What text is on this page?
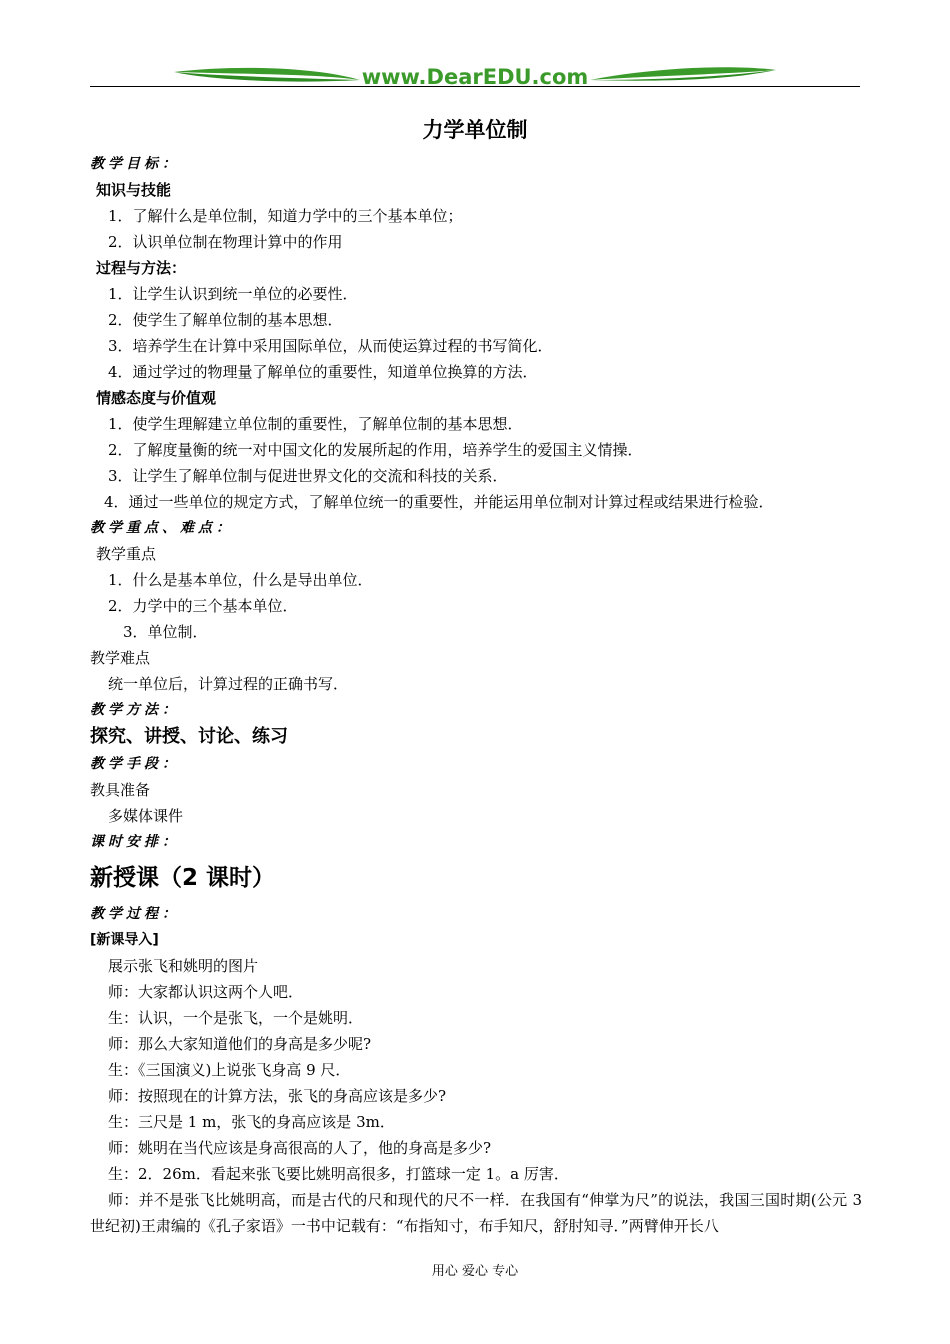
www.DearEDU.com
力学单位制
教学目标：
知识与技能
1．了解什么是单位制，知道力学中的三个基本单位；
2．认识单位制在物理计算中的作用
过程与方法：
1．让学生认识到统一单位的必要性．
2．使学生了解单位制的基本思想．
3．培养学生在计算中采用国际单位，从而使运算过程的书写简化．
4．通过学过的物理量了解单位的重要性，知道单位换算的方法．
情感态度与价值观
1．使学生理解建立单位制的重要性，了解单位制的基本思想．
2．了解度量衡的统一对中国文化的发展所起的作用，培养学生的爱国主义情操．
3．让学生了解单位制与促进世界文化的交流和科技的关系．
4．通过一些单位的规定方式，了解单位统一的重要性，并能运用单位制对计算过程或结果进行检验．
教学重点、难点：
教学重点
1．什么是基本单位，什么是导出单位．
2．力学中的三个基本单位．
3．单位制．
教学难点
统一单位后，计算过程的正确书写．
教学方法：
探究、讲授、讨论、练习
教学手段：
教具准备
多媒体课件
课时安排：
新授课（2 课时）
教学过程：
[新课导入]
展示张飞和姚明的图片
师：大家都认识这两个人吧．
生：认识，一个是张飞，一个是姚明．
师：那么大家知道他们的身高是多少呢?
生：《三国演义)上说张飞身高 9 尺．
师：按照现在的计算方法，张飞的身高应该是多少?
生：三尺是 1 m，张飞的身高应该是 3m．
师：姚明在当代应该是身高很高的人了，他的身高是多少?
生：2．26m．看起来张飞要比姚明高很多，打篮球一定 1。a 厉害．

师：并不是张飞比姚明高，而是古代的尺和现代的尺不一样．在我国有“伸掌为尺”的说法，我国三国时期(公元 3 世纪初)王肃编的《孔子家语》一书中记载有：“布指知寸，布手知尺，舒肘知寻．”两臂伸开长八

用心 爱心 专心
